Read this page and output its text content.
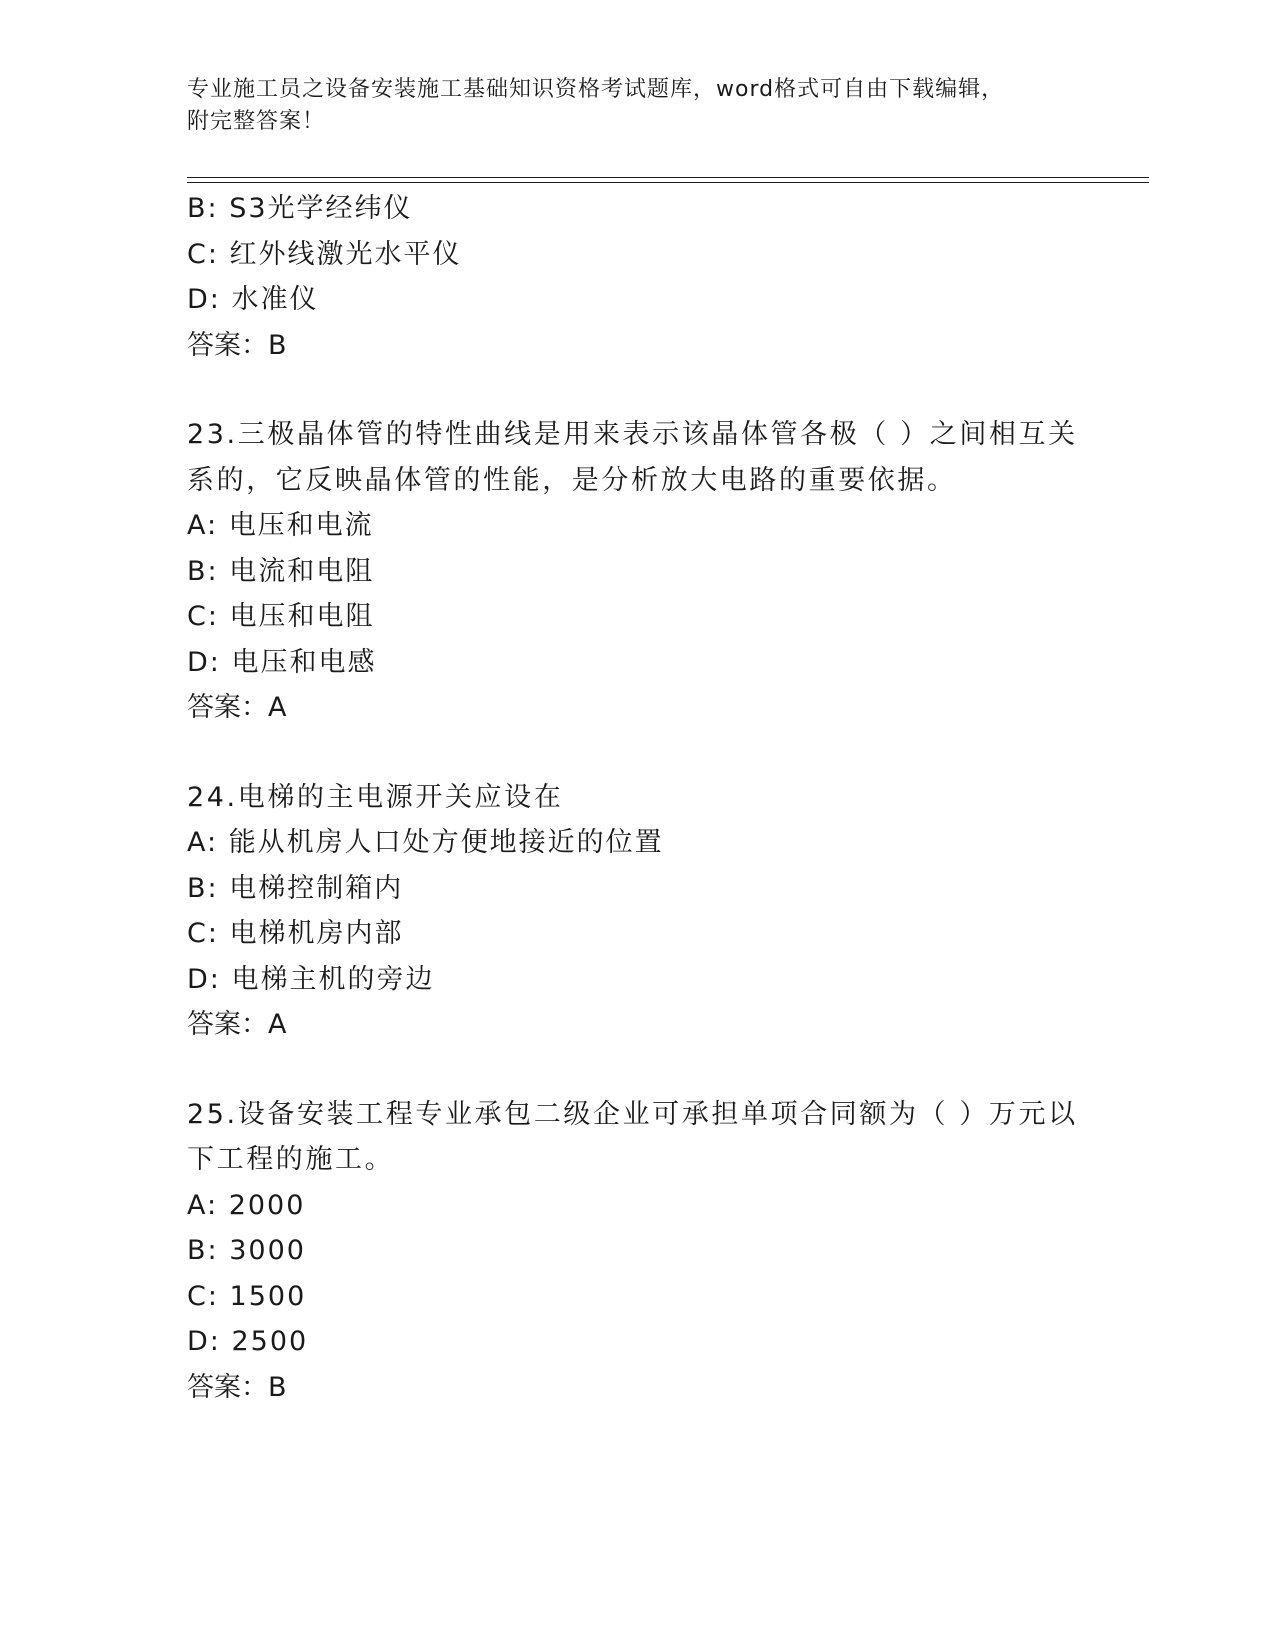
专业施工员之设备安装施工基础知识资格考试题库，word格式可自由下载编辑，
附完整答案！
B: S3光学经纬仪
C: 红外线激光水平仪
D: 水准仪
答案：B
23.三极晶体管的特性曲线是用来表示该晶体管各极（ ）之间相互关系的，它反映晶体管的性能，是分析放大电路的重要依据。
A: 电压和电流
B: 电流和电阻
C: 电压和电阻
D: 电压和电感
答案：A
24.电梯的主电源开关应设在
A: 能从机房人口处方便地接近的位置
B: 电梯控制箱内
C: 电梯机房内部
D: 电梯主机的旁边
答案：A
25.设备安装工程专业承包二级企业可承担单项合同额为（ ）万元以下工程的施工。
A: 2000
B: 3000
C: 1500
D: 2500
答案：B
